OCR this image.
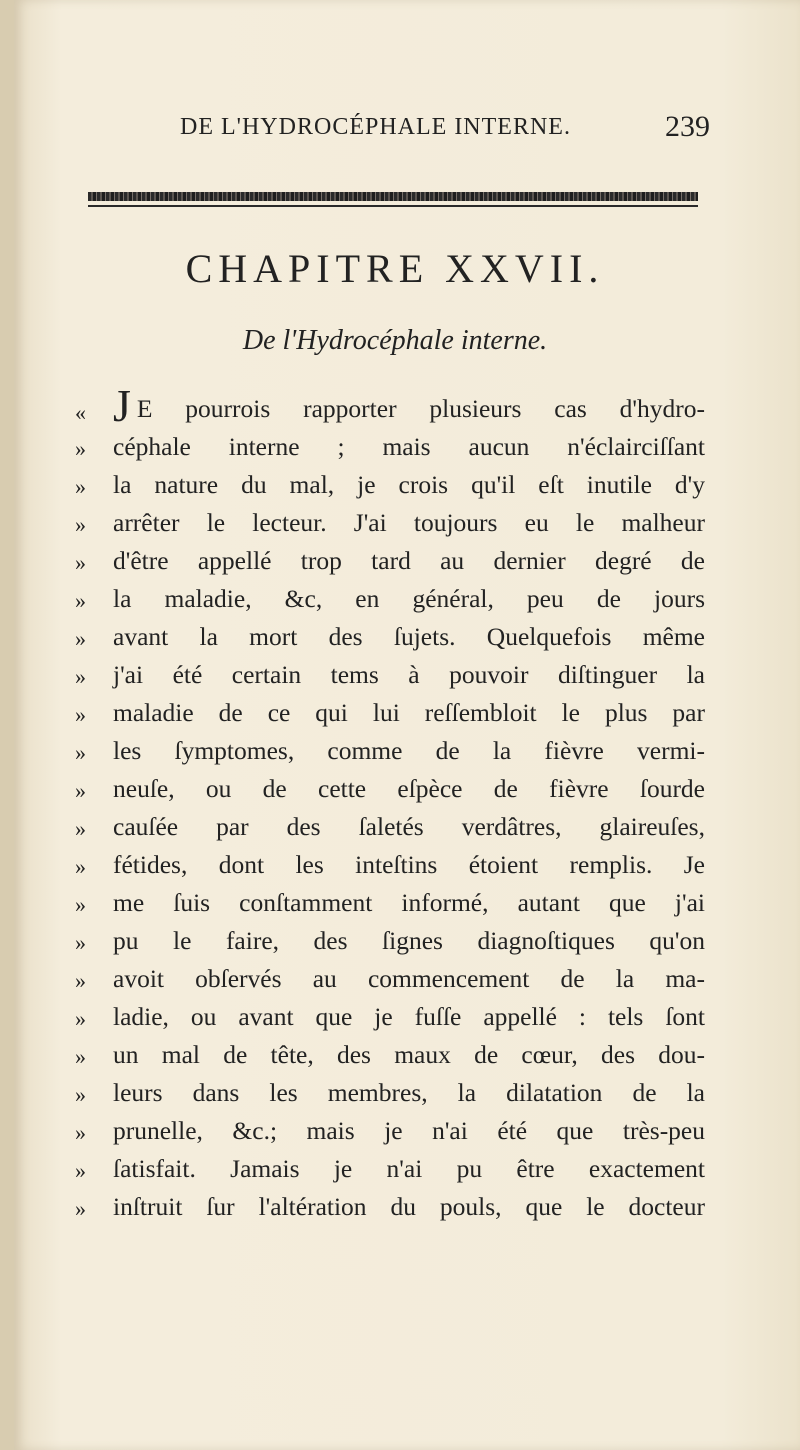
DE L'HYDROCÉPHALE INTERNE.	239
CHAPITRE XXVII.
De l'Hydrocéphale interne.
« J E pourrois rapporter plusieurs cas d'hydro-
»	céphale interne ; mais aucun n'éclairciſſant
»	la nature du mal, je crois qu'il eſt inutile d'y
»	arrêter le lecteur. J'ai toujours eu le malheur
»	d'être appellé trop tard au dernier degré de
»	la maladie, &c, en général, peu de jours
»	avant la mort des ſujets. Quelquefois même
»	j'ai été certain tems à pouvoir diſtinguer la
»	maladie de ce qui lui reſſembloit le plus par
»	les ſymptomes, comme de la fièvre vermi-
»	neuſe, ou de cette eſpèce de fièvre ſourde
»	cauſée par des ſaletés verdâtres, glaireuſes,
»	fétides, dont les inteſtins étoient remplis. Je
»	me ſuis conſtamment informé, autant que j'ai
»	pu le faire, des ſignes diagnoſtiques qu'on
»	avoit obſervés au commencement de la ma-
»	ladie, ou avant que je fuſſe appellé : tels ſont
»	un mal de tête, des maux de cœur, des dou-
»	leurs dans les membres, la dilatation de la
»	prunelle, &c.; mais je n'ai été que très-peu
»	ſatisfait. Jamais je n'ai pu être exactement
»	inſtruit ſur l'altération du pouls, que le docteur
